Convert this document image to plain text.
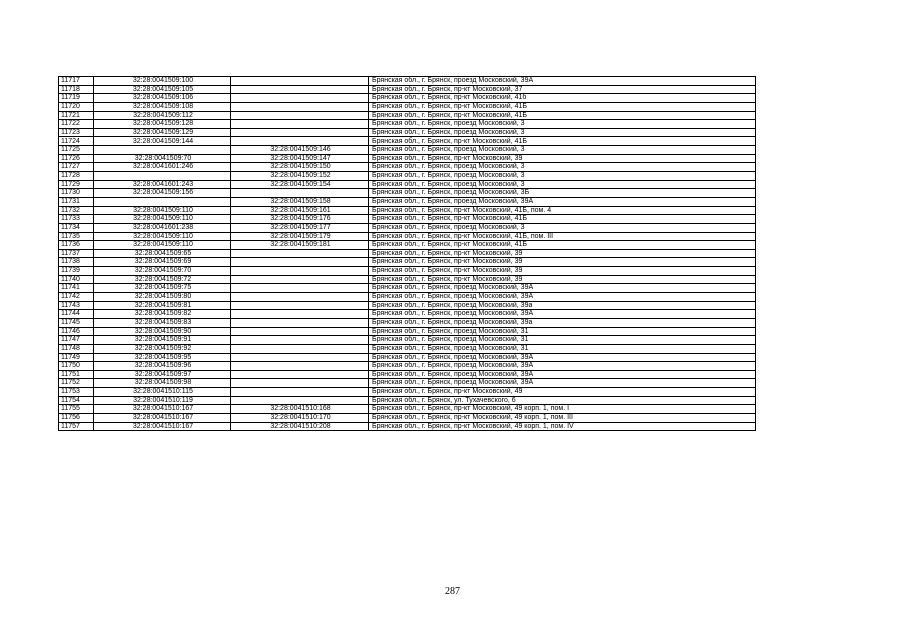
11717	32:28:0041509:100		Брянская обл., г. Брянск, проезд Московский, 39А
11718	32:28:0041509:105		Брянская обл., г. Брянск, пр-кт Московский, 37
11719	32:28:0041509:106		Брянская обл., г. Брянск, пр-кт Московский, 41б
11720	32:28:0041509:108		Брянская обл., г. Брянск, пр-кт Московский, 41Б
11721	32:28:0041509:112		Брянская обл., г. Брянск, пр-кт Московский, 41Б
11722	32:28:0041509:128		Брянская обл., г. Брянск, проезд Московский, 3
11723	32:28:0041509:129		Брянская обл., г. Брянск, проезд Московский, 3
11724	32:28:0041509:144		Брянская обл., г. Брянск, пр-кт Московский, 41Б
11725		32:28:0041509:146	Брянская обл., г. Брянск, проезд Московский, 3
11726	32:28:0041509:70	32:28:0041509:147	Брянская обл., г. Брянск, пр-кт Московский, 39
11727	32:28:0041601:246	32:28:0041509:150	Брянская обл., г. Брянск, проезд Московский, 3
11728		32:28:0041509:152	Брянская обл., г. Брянск, проезд Московский, 3
11729	32:28:0041601:243	32:28:0041509:154	Брянская обл., г. Брянск, проезд Московский, 3
11730	32:28:0041509:156		Брянская обл., г. Брянск, проезд Московский, 3Б
11731		32:28:0041509:158	Брянская обл., г. Брянск, проезд Московский, 39А
11732	32:28:0041509:110	32:28:0041509:161	Брянская обл., г. Брянск, пр-кт Московский, 41Б, пом. 4
11733	32:28:0041509:110	32:28:0041509:176	Брянская обл., г. Брянск, пр-кт Московский, 41Б
11734	32:28:0041601:238	32:28:0041509:177	Брянская обл., г. Брянск, проезд Московский, 3
11735	32:28:0041509:110	32:28:0041509:179	Брянская обл., г. Брянск, пр-кт Московский, 41Б, пом. III
11736	32:28:0041509:110	32:28:0041509:181	Брянская обл., г. Брянск, пр-кт Московский, 41Б
11737	32:28:0041509:65		Брянская обл., г. Брянск, пр-кт Московский, 39
11738	32:28:0041509:69		Брянская обл., г. Брянск, пр-кт Московский, 39
11739	32:28:0041509:70		Брянская обл., г. Брянск, пр-кт Московский, 39
11740	32:28:0041509:72		Брянская обл., г. Брянск, пр-кт Московский, 39
11741	32:28:0041509:75		Брянская обл., г. Брянск, проезд Московский, 39А
11742	32:28:0041509:80		Брянская обл., г. Брянск, проезд Московский, 39А
11743	32:28:0041509:81		Брянская обл., г. Брянск, проезд Московский, 39а
11744	32:28:0041509:82		Брянская обл., г. Брянск, проезд Московский, 39А
11745	32:28:0041509:83		Брянская обл., г. Брянск, проезд Московский, 39а
11746	32:28:0041509:90		Брянская обл., г. Брянск, проезд Московский, 31
11747	32:28:0041509:91		Брянская обл., г. Брянск, проезд Московский, 31
11748	32:28:0041509:92		Брянская обл., г. Брянск, проезд Московский, 31
11749	32:28:0041509:95		Брянская обл., г. Брянск, проезд Московский, 39А
11750	32:28:0041509:96		Брянская обл., г. Брянск, проезд Московский, 39А
11751	32:28:0041509:97		Брянская обл., г. Брянск, проезд Московский, 39А
11752	32:28:0041509:98		Брянская обл., г. Брянск, проезд Московский, 39А
11753	32:28:0041510:115		Брянская обл., г. Брянск, пр-кт Московский, 49
11754	32:28:0041510:119		Брянская обл., г. Брянск, ул. Тухачевского, 6
11755	32:28:0041510:167	32:28:0041510:168	Брянская обл., г. Брянск, пр-кт Московский, 49 корп. 1, пом. I
11756	32:28:0041510:167	32:28:0041510:170	Брянская обл., г. Брянск, пр-кт Московский, 49 корп. 1, пом. III
11757	32:28:0041510:167	32:28:0041510:208	Брянская обл., г. Брянск, пр-кт Московский, 49 корп. 1, пом. IV
287
